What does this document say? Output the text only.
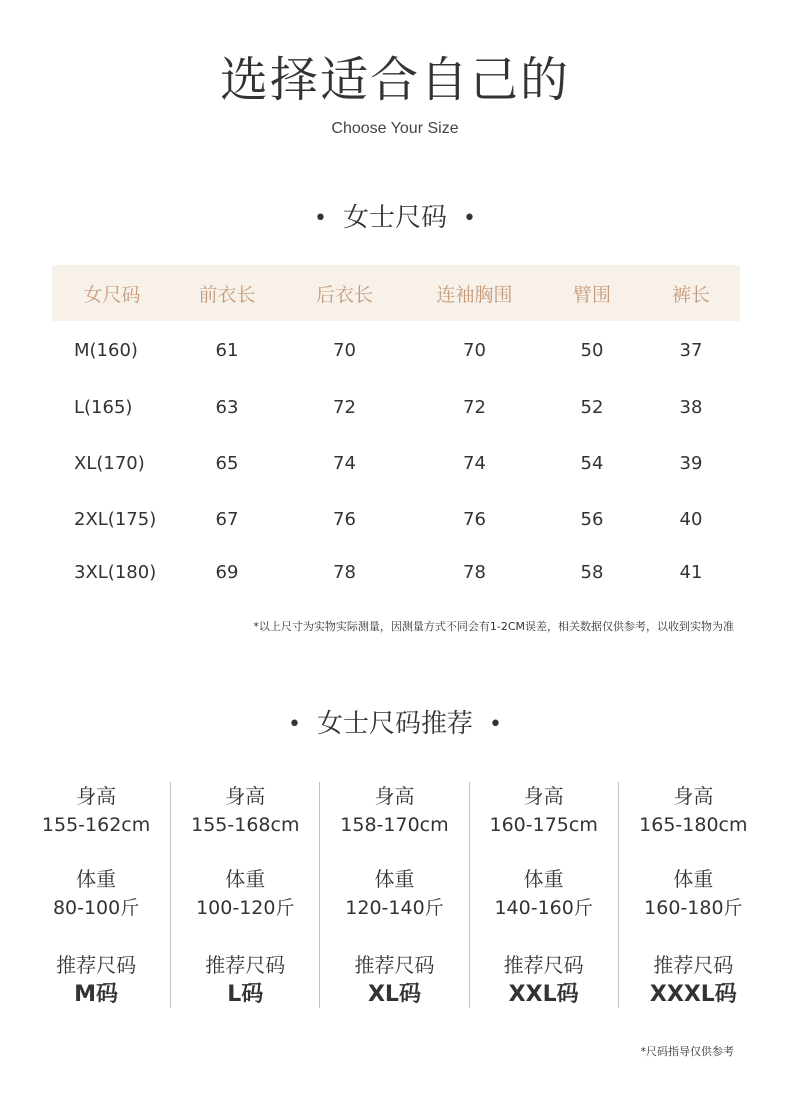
选择适合自己的
Choose Your Size
• 女士尺码 •
女尺码	前衣长	后衣长	连袖胸围	臂围	裤长
M(160)	61	70	70	50	37
L(165)	63	72	72	52	38
XL(170)	65	74	74	54	39
2XL(175)	67	76	76	56	40
3XL(180)	69	78	78	58	41
*以上尺寸为实物实际测量，因测量方式不同会有1-2CM误差，相关数据仅供参考，以收到实物为准
• 女士尺码推荐 •
身高
155-162cm
体重
80-100斤
推荐尺码
M码
身高
155-168cm
体重
100-120斤
推荐尺码
L码
身高
158-170cm
体重
120-140斤
推荐尺码
XL码
身高
160-175cm
体重
140-160斤
推荐尺码
XXL码
身高
165-180cm
体重
160-180斤
推荐尺码
XXXL码
*尺码指导仅供参考
